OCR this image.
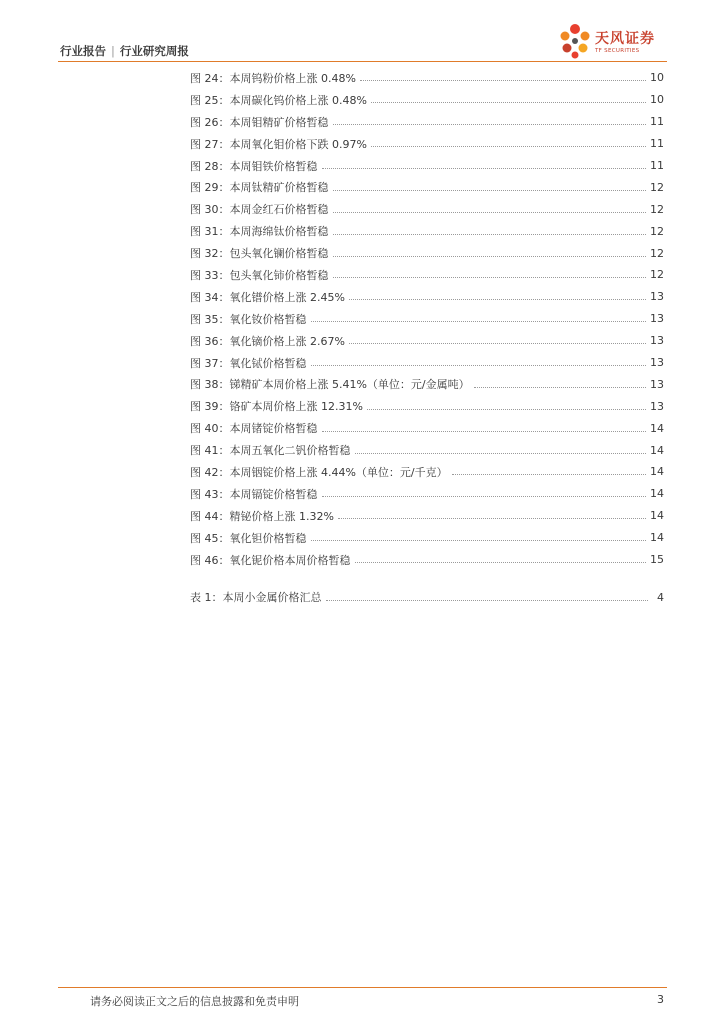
行业报告 | 行业研究周报
天风证券
TF SECURITIES
图 24：本周钨粉价格上涨 0.48%	10
图 25：本周碳化钨价格上涨 0.48%	10
图 26：本周钼精矿价格暂稳	11
图 27：本周氧化钼价格下跌 0.97%	11
图 28：本周钼铁价格暂稳	11
图 29：本周钛精矿价格暂稳	12
图 30：本周金红石价格暂稳	12
图 31：本周海绵钛价格暂稳	12
图 32：包头氧化镧价格暂稳	12
图 33：包头氧化铈价格暂稳	12
图 34：氧化镨价格上涨 2.45%	13
图 35：氧化钕价格暂稳	13
图 36：氧化镝价格上涨 2.67%	13
图 37：氧化铽价格暂稳	13
图 38：锑精矿本周价格上涨 5.41%（单位：元/金属吨）	13
图 39：铬矿本周价格上涨 12.31%	13
图 40：本周锗锭价格暂稳	14
图 41：本周五氧化二钒价格暂稳	14
图 42：本周铟锭价格上涨 4.44%（单位：元/千克）	14
图 43：本周镉锭价格暂稳	14
图 44：精铋价格上涨 1.32%	14
图 45：氧化钽价格暂稳	14
图 46：氧化铌价格本周价格暂稳	15
表 1：本周小金属价格汇总	4
请务必阅读正文之后的信息披露和免责申明	3
